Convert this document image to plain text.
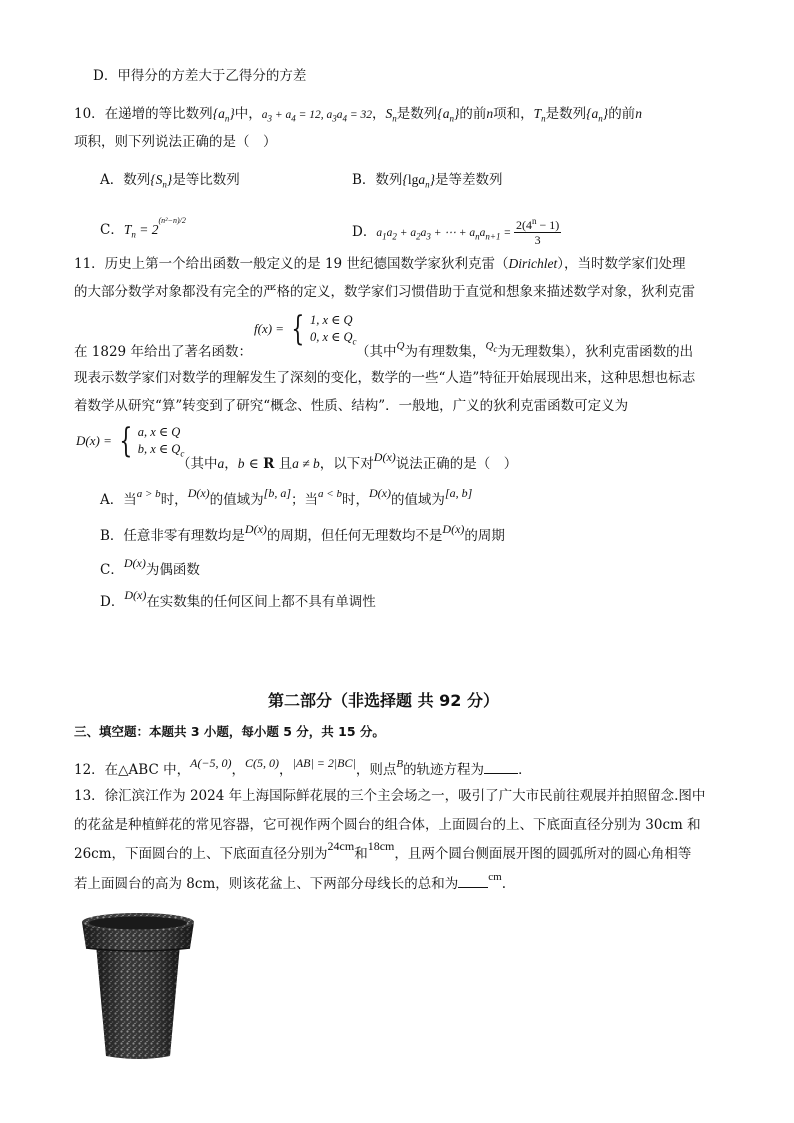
D．甲得分的方差大于乙得分的方差
10．在递增的等比数列$\{a_n\}$中，$a_3 + a_4 = 12$, $a_3a_4 = 32$，$S_n$是数列$\{a_n\}$的前n项和，$T_n$是数列$\{a_n\}$的前n
项积，则下列说法正确的是（　）
A．数列$\{S_n\}$是等比数列	B．数列{lga$_n$}是等差数列
C．$T_n = 2^{(n^2-n)/2}$
D．$a_1a_2 + a_2a_3$ + ⋯ + $a_na_{n+1} = \frac{2(4^n - 1)}{3}$
11．历史上第一个给出函数一般定义的是 19 世纪德国数学家狄利克雷（Dirichlet），当时数学家们处理
的大部分数学对象都没有完全的严格的定义，数学家们习惯借助于直觉和想象来描述数学对象，狄利克雷
在 1829 年给出了著名函数：
f(x) = { 1, x ∈ Q
0, x ∈ $Q_c$
（其中$^Q$为有理数集，$^{Q_c}$为无理数集），狄利克雷函数的出
现表示数学家们对数学的理解发生了深刻的变化，数学的一些“人造”特征开始展现出来，这种思想也标志
着数学从研究“算”转变到了研究“概念、性质、结构”．一般地，广义的狄利克雷函数可定义为
D(x) = { a, x ∈ Q
b, x ∈ $Q_c$
（其中a，b ∈ R 且a ≠ b，以下对$^{D(x)}$说法正确的是（　）
A．当$^{a > b}$时，$^{D(x)}$的值域为[b, a]；当$^{a < b}$时，$^{D(x)}$的值域为[a, b]
B．任意非零有理数均是$^{D(x)}$的周期，但任何无理数均不是$^{D(x)}$的周期
C．$^{D(x)}$为偶函数
D．$^{D(x)}$在实数集的任何区间上都不具有单调性
第二部分（非选择题 共 92 分）
三、填空题：本题共 3 小题，每小题 5 分，共 15 分。
12．在△ABC 中，$^{A(-5, 0)}$，$^{C(5, 0)}$，$^{|AB| = 2|BC|}$，则点$^B$的轨迹方程为	．
13．徐汇滨江作为 2024 年上海国际鲜花展的三个主会场之一，吸引了广大市民前往观展并拍照留念.图中
的花盆是种植鲜花的常见容器，它可视作两个圆台的组合体，上面圆台的上、下底面直径分别为 30cm 和
26cm，下面圆台的上、下底面直径分别为$^{24cm}$和$^{18cm}$，且两个圆台侧面展开图的圆弧所对的圆心角相等
若上面圆台的高为 8cm，则该花盆上、下两部分母线长的总和为	$^{cm}$.
